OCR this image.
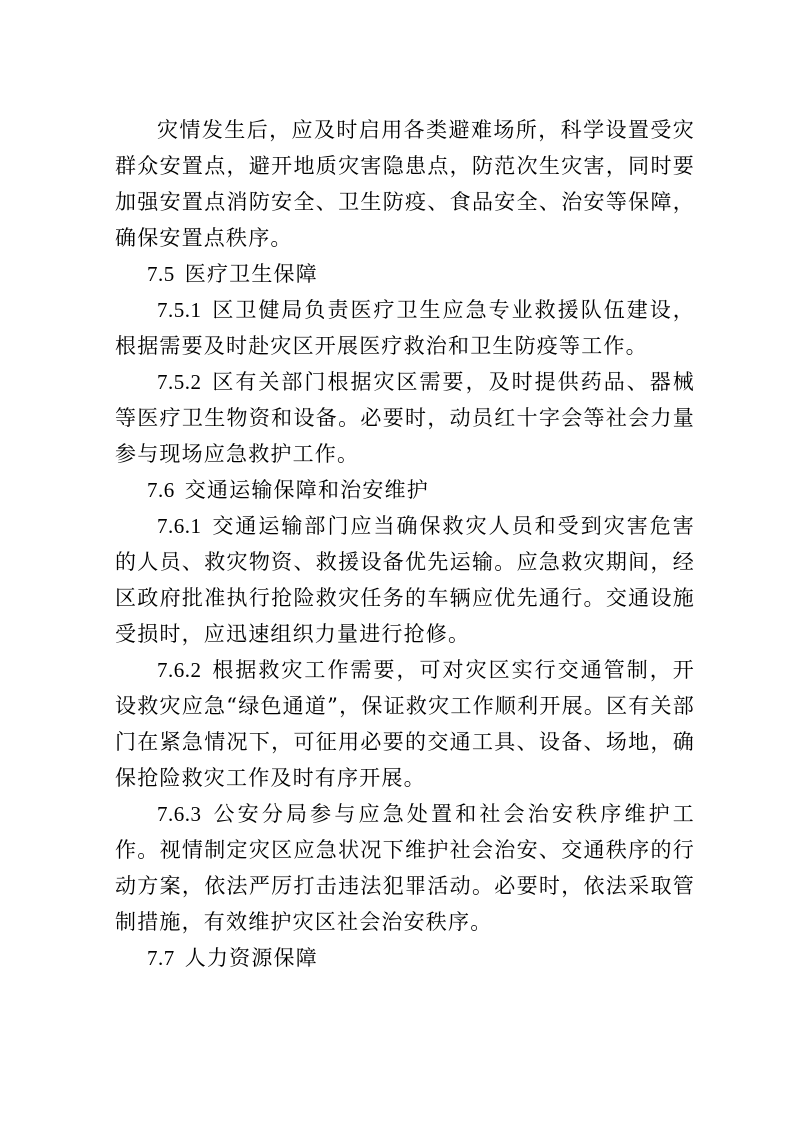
灾情发生后，应及时启用各类避难场所，科学设置受灾群众安置点，避开地质灾害隐患点，防范次生灾害，同时要加强安置点消防安全、卫生防疫、食品安全、治安等保障，确保安置点秩序。

7.5 医疗卫生保障

7.5.1 区卫健局负责医疗卫生应急专业救援队伍建设，根据需要及时赴灾区开展医疗救治和卫生防疫等工作。

7.5.2 区有关部门根据灾区需要，及时提供药品、器械等医疗卫生物资和设备。必要时，动员红十字会等社会力量参与现场应急救护工作。

7.6 交通运输保障和治安维护

7.6.1 交通运输部门应当确保救灾人员和受到灾害危害的人员、救灾物资、救援设备优先运输。应急救灾期间，经区政府批准执行抢险救灾任务的车辆应优先通行。交通设施受损时，应迅速组织力量进行抢修。

7.6.2 根据救灾工作需要，可对灾区实行交通管制，开设救灾应急“绿色通道”，保证救灾工作顺利开展。区有关部门在紧急情况下，可征用必要的交通工具、设备、场地，确保抢险救灾工作及时有序开展。

7.6.3 公安分局参与应急处置和社会治安秩序维护工作。视情制定灾区应急状况下维护社会治安、交通秩序的行动方案，依法严厉打击违法犯罪活动。必要时，依法采取管制措施，有效维护灾区社会治安秩序。

7.7 人力资源保障
